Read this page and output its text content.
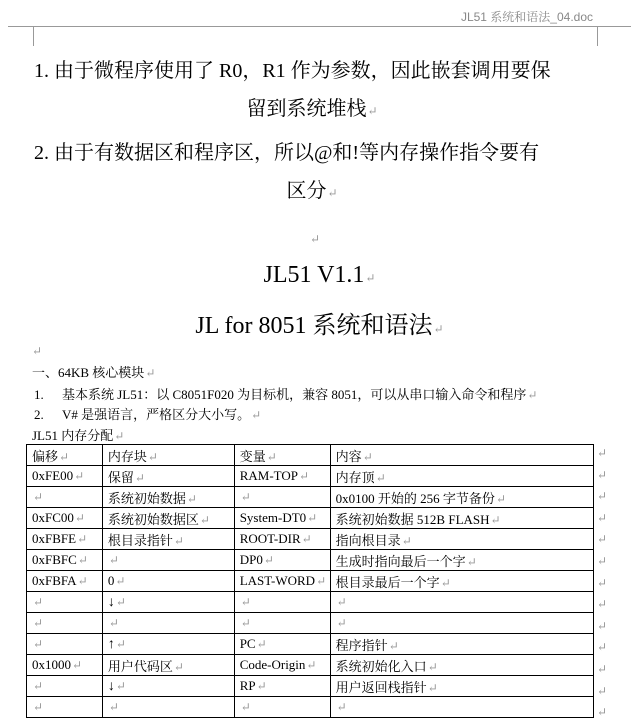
JL51 系统和语法_04.doc
1. 由于微程序使用了 R0，R1 作为参数，因此嵌套调用要保
留到系统堆栈↵
2. 由于有数据区和程序区，所以@和!等内存操作指令要有
区分↵
↵
JL51 V1.1↵
JL for 8051 系统和语法↵
↵
一、64KB 核心模块↵
1. 基本系统 JL51：以 C8051F020 为目标机，兼容 8051，可以从串口输入命令和程序↵
2. V# 是强语言，严格区分大小写。↵
JL51 内存分配↵
偏移↵	内存块↵	变量↵	内容↵
0xFE00↵	保留↵	RAM-TOP↵	内存顶↵
↵	系统初始数据↵	↵	0x0100 开始的 256 字节备份↵
0xFC00↵	系统初始数据区↵	System-DT0↵	系统初始数据 512B FLASH↵
0xFBFE↵	根目录指针↵	ROOT-DIR↵	指向根目录↵
0xFBFC↵	↵	DP0↵	生成时指向最后一个字↵
0xFBFA↵	0↵	LAST-WORD↵	根目录最后一个字↵
↵	↓↵	↵	↵
↵	↵	↵	↵
↵	↑↵	PC↵	程序指针↵
0x1000↵	用户代码区↵	Code-Origin↵	系统初始化入口↵
↵	↓↵	RP↵	用户返回栈指针↵
↵	↵	↵	↵
↵
↵
↵
↵
↵
↵
↵
↵
↵
↵
↵
↵
↵
